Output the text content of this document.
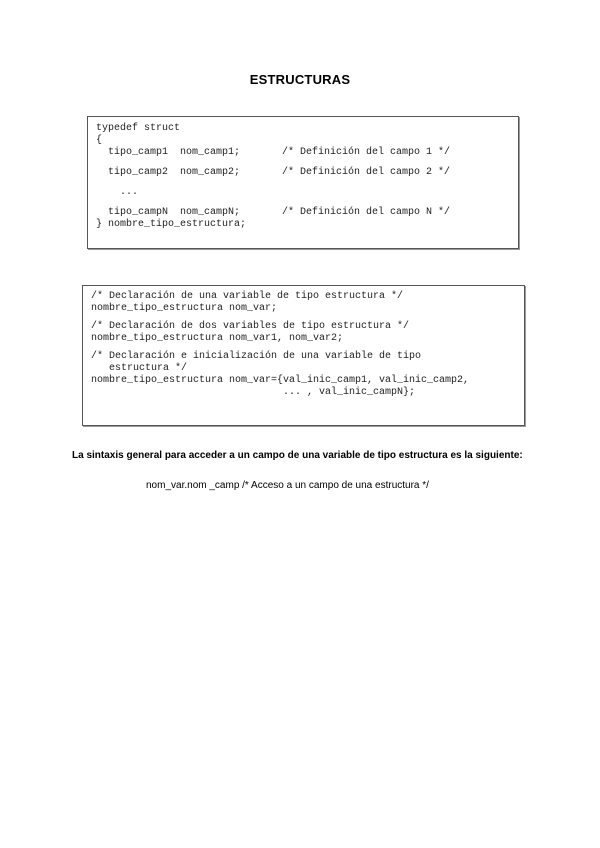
ESTRUCTURAS
typedef struct
{
tipo_camp1  nom_camp1;       /* Definición del campo 1 */
tipo_camp2  nom_camp2;       /* Definición del campo 2 */
...
tipo_campN  nom_campN;       /* Definición del campo N */
} nombre_tipo_estructura;
/* Declaración de una variable de tipo estructura */
nombre_tipo_estructura nom_var;
/* Declaración de dos variables de tipo estructura */
nombre_tipo_estructura nom_var1, nom_var2;
/* Declaración e inicialización de una variable de tipo
estructura */
nombre_tipo_estructura nom_var={val_inic_camp1, val_inic_camp2,
... , val_inic_campN};
La sintaxis general para acceder a un campo de una variable de tipo estructura es la siguiente:
nom_var.nom _camp /* Acceso a un campo de una estructura */
